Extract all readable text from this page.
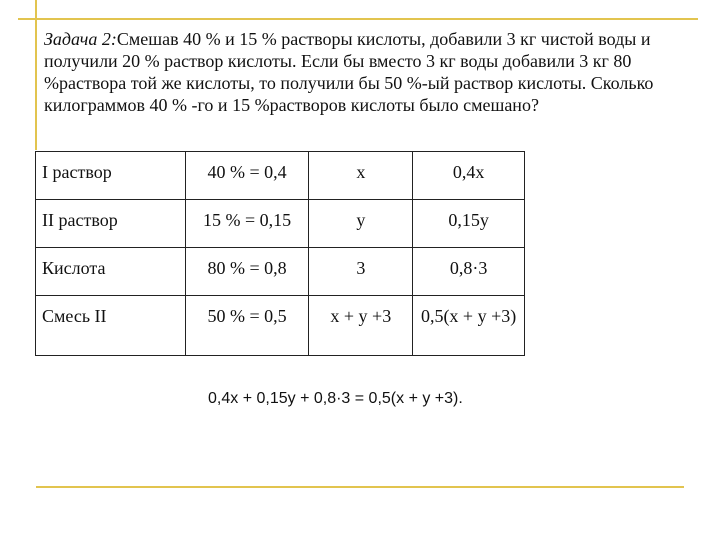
Задача 2:Смешав 40 % и 15 % растворы кислоты, добавили 3 кг чистой воды и получили 20 % раствор кислоты. Если бы вместо 3 кг воды добавили 3 кг 80 %раствора той же кислоты, то получили бы 50 %-ый раствор кислоты. Сколько килограммов 40 % -го и 15 %растворов кислоты было смешано?
I раствор	40 % = 0,4	x	0,4x
II раствор	15 % = 0,15	y	0,15y
Кислота	80 % = 0,8	3	0,8·3
Смесь II	50 % = 0,5	x + y +3	0,5(x + y +3)
0,4x + 0,15y + 0,8·3 = 0,5(x + y +3).
